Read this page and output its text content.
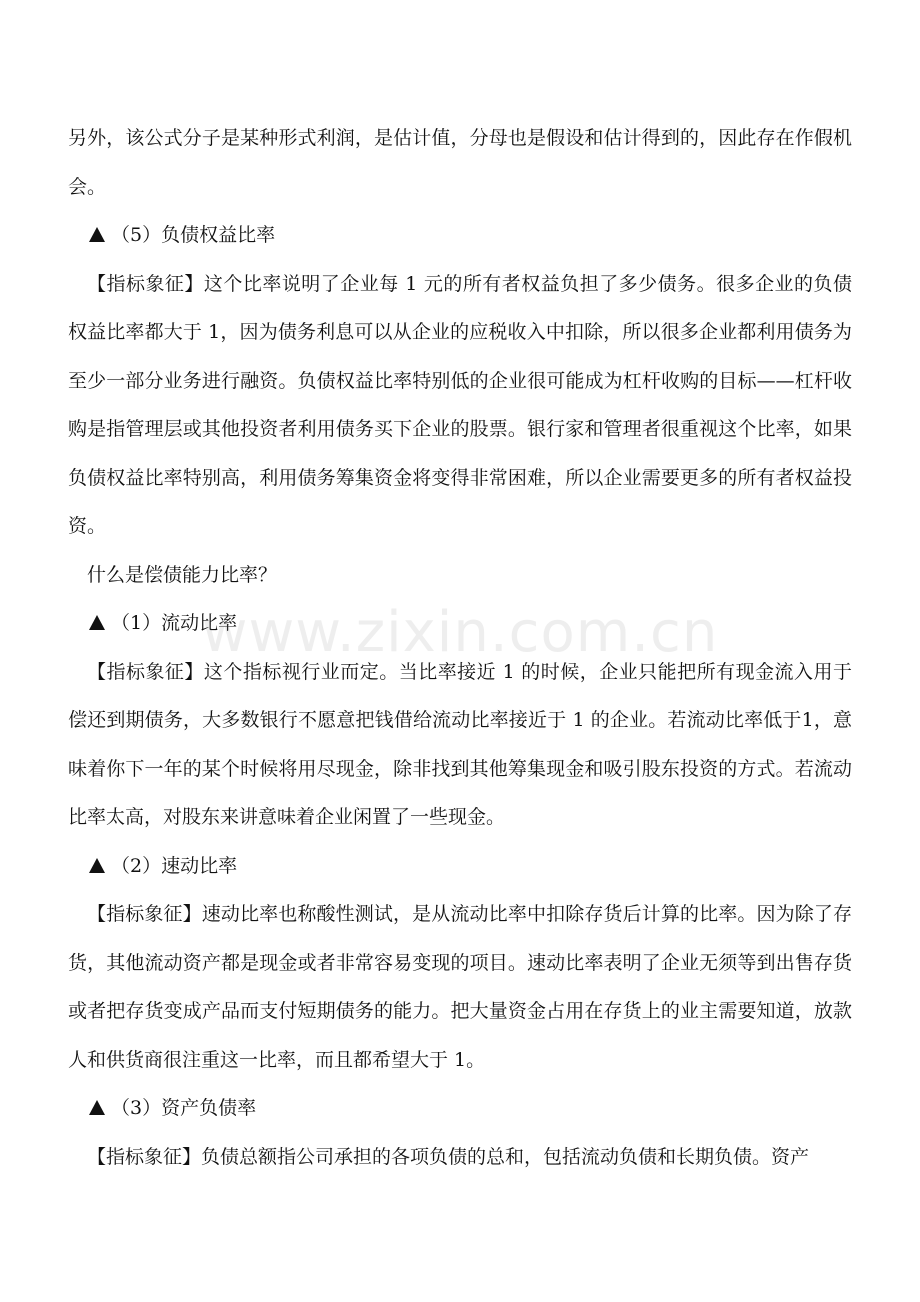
另外，该公式分子是某种形式利润，是估计值，分母也是假设和估计得到的，因此存在作假机会。

（5）负债权益比率

【指标象征】这个比率说明了企业每 1 元的所有者权益负担了多少债务。很多企业的负债权益比率都大于 1，因为债务利息可以从企业的应税收入中扣除，所以很多企业都利用债务为至少一部分业务进行融资。负债权益比率特别低的企业很可能成为杠杆收购的目标——杠杆收购是指管理层或其他投资者利用债务买下企业的股票。银行家和管理者很重视这个比率，如果负债权益比率特别高，利用债务筹集资金将变得非常困难，所以企业需要更多的所有者权益投资。

什么是偿债能力比率？

（1）流动比率

【指标象征】这个指标视行业而定。当比率接近 1 的时候，企业只能把所有现金流入用于偿还到期债务，大多数银行不愿意把钱借给流动比率接近于 1 的企业。若流动比率低于1，意味着你下一年的某个时候将用尽现金，除非找到其他筹集现金和吸引股东投资的方式。若流动比率太高，对股东来讲意味着企业闲置了一些现金。

（2）速动比率

【指标象征】速动比率也称酸性测试，是从流动比率中扣除存货后计算的比率。因为除了存货，其他流动资产都是现金或者非常容易变现的项目。速动比率表明了企业无须等到出售存货或者把存货变成产品而支付短期债务的能力。把大量资金占用在存货上的业主需要知道，放款人和供货商很注重这一比率，而且都希望大于 1。

（3）资产负债率

【指标象征】负债总额指公司承担的各项负债的总和，包括流动负债和长期负债。资产

www.zixin.com.cn
